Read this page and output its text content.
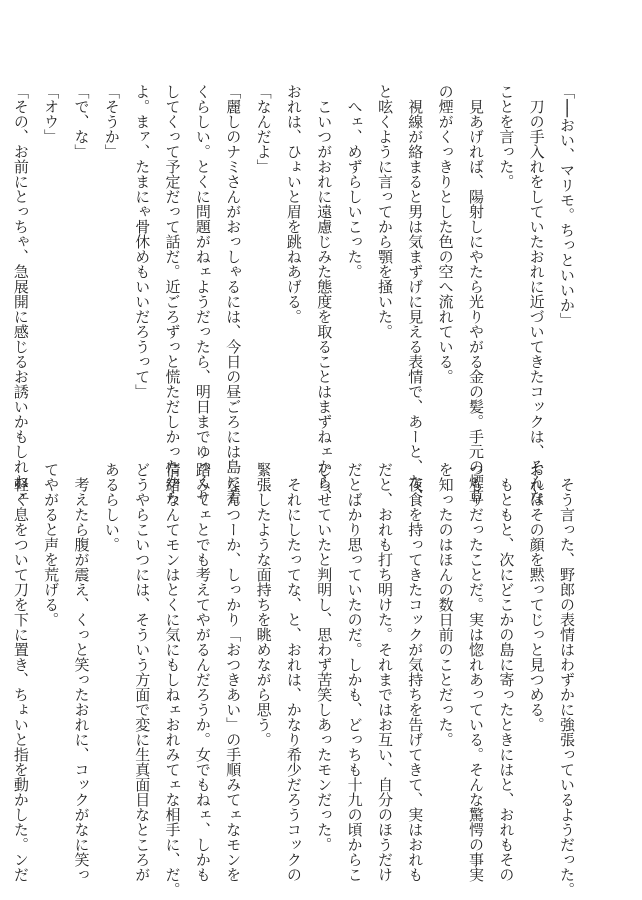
「──おい、マリモ。ちっといいか」
　刀の手入れをしていたおれに近づいてきたコックは、そんな
ことを言った。
　見あげれば、陽射しにやたら光りやがる金の髪。手元の煙草
の煙がくっきりとした色の空へ流れている。
　視線が絡まると男は気まずげに見える表情で、あーと、な、
と呟くように言ってから顎を掻いた。
　へェ、めずらしいこった。
　こいつがおれに遠慮じみた態度を取ることはまずねェから、
おれは、ひょいと眉を跳ねあげる。
「なんだよ」
「麗しのナミさんがおっしゃるには、今日の昼ごろには島に着
くらしい。とくに問題がねェようだったら、明日までゆっくり
してくって予定だって話だ。近ごろずっと慌ただしかったから
よ。まァ、たまにゃ骨休めもいいだろうって」
「そうか」
「で、な」
「オウ」
「その、お前にとっちゃ、急展開に感じるお誘いかもしれねェ
　そう言った、野郎の表情はわずかに強張っているようだった。
おれはその顔を黙ってじっと見つめる。
　もともと、次にどこかの島に寄ったときにはと、おれもその
つもりだったことだ。実は惚れあっている。そんな驚愕の事実
を知ったのはほんの数日前のことだった。
　夜食を持ってきたコックが気持ちを告げてきて、実はおれも
だと、おれも打ち明けた。それまではお互い、自分のほうだけ
だとばかり思っていたのだ。しかも、どっちも十九の頃からこ
じらせていたと判明し、思わず苦笑しあったモンだった。
　それにしたってな、と、おれは、かなり希少だろうコックの
緊張したような面持ちを眺めながら思う。
　なんつーか、しっかり「おつきあい」の手順みてェなモンを
踏みてェとでも考えてやがるんだろうか。女でもねェ、しかも
情緒なんてモンはとくに気にもしねェおれみてェな相手に、だ。
どうやらこいつには、そういう方面で変に生真面目なところが
あるらしい。
　考えたら腹が震え、くっと笑ったおれに、コックがなに笑っ
てやがると声を荒げる。
　軽く息をついて刀を下に置き、ちょいと指を動かした。ンだ
